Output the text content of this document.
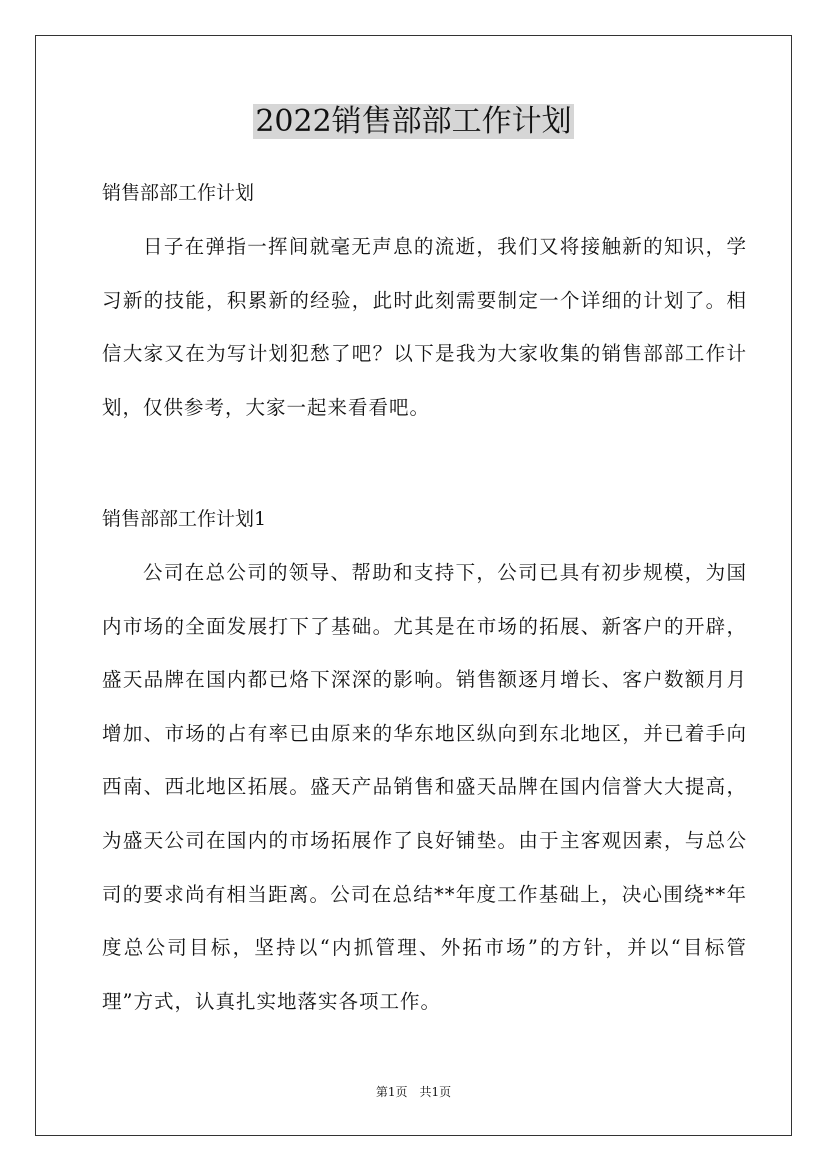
2022销售部部工作计划
销售部部工作计划

日子在弹指一挥间就毫无声息的流逝，我们又将接触新的知识，学习新的技能，积累新的经验，此时此刻需要制定一个详细的计划了。相信大家又在为写计划犯愁了吧？以下是我为大家收集的销售部部工作计划，仅供参考，大家一起来看看吧。

销售部部工作计划1

公司在总公司的领导、帮助和支持下，公司已具有初步规模，为国内市场的全面发展打下了基础。尤其是在市场的拓展、新客户的开辟，盛天品牌在国内都已烙下深深的影响。销售额逐月增长、客户数额月月增加、市场的占有率已由原来的华东地区纵向到东北地区，并已着手向西南、西北地区拓展。盛天产品销售和盛天品牌在国内信誉大大提高，为盛天公司在国内的市场拓展作了良好铺垫。由于主客观因素，与总公司的要求尚有相当距离。公司在总结**年度工作基础上，决心围绕**年度总公司目标，坚持以“内抓管理、外拓市场”的方针，并以“目标管理”方式，认真扎实地落实各项工作。

第1页　共1页
